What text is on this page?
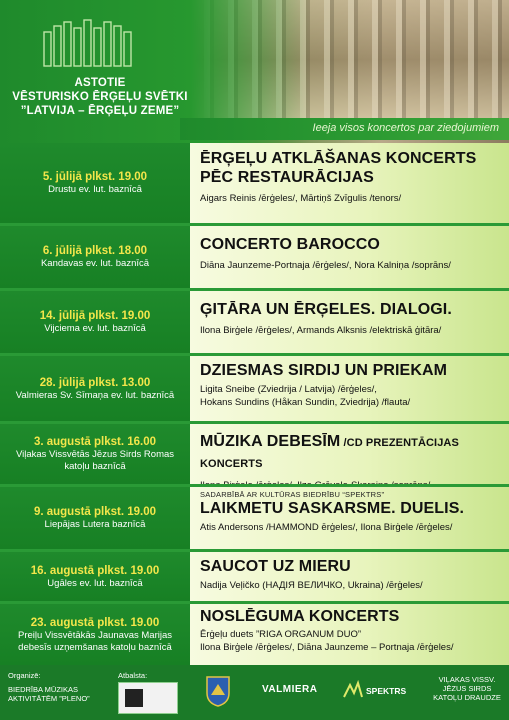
ASTOTIE
VĒSTURISKO ĒRĢEĻU SVĒTKI
”LATVIJA – ĒRĢEĻU ZEME”
Ieeja visos koncertos par ziedojumiem
5. jūlijā plkst. 19.00
Drustu ev. lut. baznīcā
ĒRĢEĻU ATKLĀŠANAS KONCERTS
PĒC RESTAURĀCIJAS
Aigars Reinis /ērģeles/, Mārtiņš Zvīgulis /tenors/
6. jūlijā plkst. 18.00
Kandavas ev. lut. baznīcā
CONCERTO BAROCCO
Diāna Jaunzeme-Portnaja /ērģeles/, Nora Kalniņa /soprāns/
14. jūlijā plkst. 19.00
Vijciema ev. lut. baznīcā
ĢITĀRA UN ĒRĢELES. DIALOGI.
Ilona Birģele /ērģeles/, Armands Alksnis /elektriskā ģitāra/
28. jūlijā plkst. 13.00
Valmieras Sv. Sīmaņa ev. lut. baznīcā
DZIESMAS SIRDIJ UN PRIEKAM
Ligita Sneibe (Zviedrija / Latvija) /ērģeles/,
Hokans Sundins (Håkan Sundin, Zviedrija) /flauta/
3. augustā plkst. 16.00
Viļakas Vissvētās Jēzus Sirds Romas katoļu baznīcā
MŪZIKA DEBESĪM /CD PREZENTĀCIJAS KONCERTS
9. augustā plkst. 19.00
Liepājas Lutera baznīcā
SADARBĪBĀ AR KULTŪRAS BIEDRĪBU “SPEKTRS”
LAIKMETU SASKARSME. DUELIS.
Atis Andersons /HAMMOND ērģeles/, Ilona Birģele /ērģeles/
16. augustā plkst. 19.00
Ugāles ev. lut. baznīcā
SAUCOT UZ MIERU
Nadija Veļičko (НАДІЯ ВЕЛИЧКО, Ukraina) /ērģeles/
23. augustā plkst. 19.00
Preiļu Vissvētākās Jaunavas Marijas debesīs uzņemšanas katoļu baznīcā
NOSLĒGUMA KONCERTS
Ērģeļu duets ”RIGA ORGANUM DUO”
Ilona Birģele /ērģeles/, Diāna Jaunzeme – Portnaja /ērģeles/
Organizē:
BIEDRĪBA MŪZIKAS AKTIVITĀTĒM ”PLENO”
Atbalsta:
VALMIERA	SPEKTRS
VIĻAKAS VISSV. JĒZUS SIRDS KATOĻU DRAUDZE
